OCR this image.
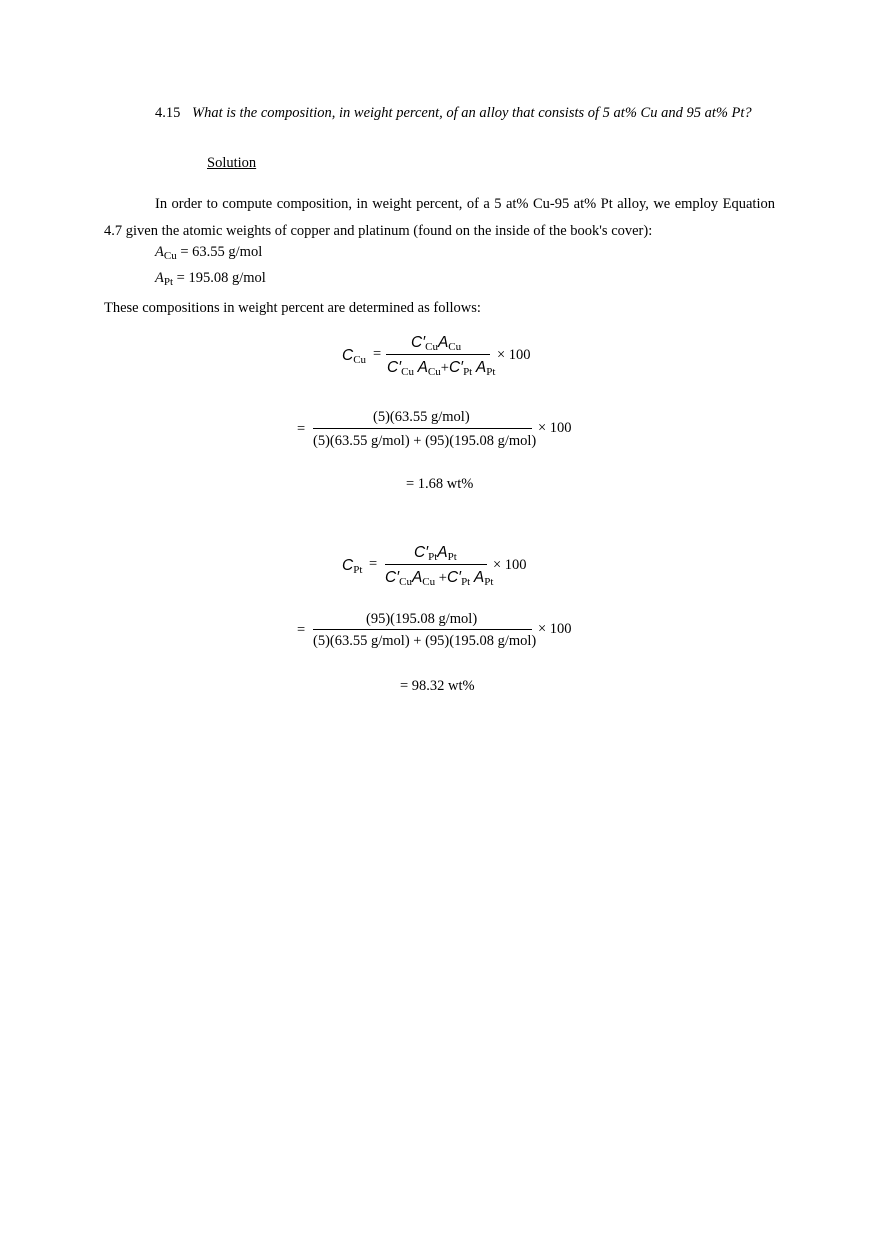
4.15 What is the composition, in weight percent, of an alloy that consists of 5 at% Cu and 95 at% Pt?
Solution
In order to compute composition, in weight percent, of a 5 at% Cu-95 at% Pt alloy, we employ Equation
4.7 given the atomic weights of copper and platinum (found on the inside of the book's cover):
$A_{Cu} = 63.55$ g/mol
$A_{Pt} = 195.08$ g/mol
These compositions in weight percent are determined as follows:
$C_{Cu}$ =
$C'_{Cu}A_{Cu}$
$C'_{Cu}$ $A_{Cu}+C'_{Pt}$ $A_{Pt}$
× 100
=
(5)(63.55 g/mol)
(5)(63.55 g/mol) + (95)(195.08 g/mol)
× 100
= 1.68 wt%
$C_{Pt}$ =
$C'_{Pt}A_{Pt}$
$C'_{Cu}A_{Cu} +C'_{Pt}$ $A_{Pt}$
× 100
=
(95)(195.08 g/mol)
(5)(63.55 g/mol) + (95)(195.08 g/mol)
× 100
= 98.32 wt%
